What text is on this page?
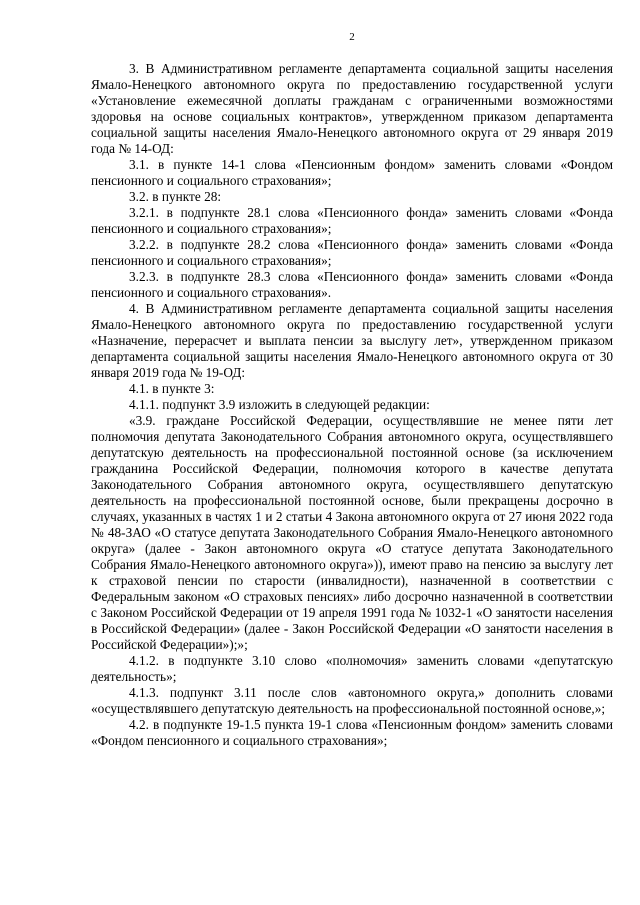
2

3. В Административном регламенте департамента социальной защиты населения Ямало-Ненецкого автономного округа по предоставлению государственной услуги «Установление ежемесячной доплаты гражданам с ограниченными возможностями здоровья на основе социальных контрактов», утвержденном приказом департамента социальной защиты населения Ямало-Ненецкого автономного округа от 29 января 2019 года № 14-ОД:

3.1. в пункте 14-1 слова «Пенсионным фондом» заменить словами «Фондом пенсионного и социального страхования»;

3.2. в пункте 28:

3.2.1. в подпункте 28.1 слова «Пенсионного фонда» заменить словами «Фонда пенсионного и социального страхования»;

3.2.2. в подпункте 28.2 слова «Пенсионного фонда» заменить словами «Фонда пенсионного и социального страхования»;

3.2.3. в подпункте 28.3 слова «Пенсионного фонда» заменить словами «Фонда пенсионного и социального страхования».

4. В Административном регламенте департамента социальной защиты населения Ямало-Ненецкого автономного округа по предоставлению государственной услуги «Назначение, перерасчет и выплата пенсии за выслугу лет», утвержденном приказом департамента социальной защиты населения Ямало-Ненецкого автономного округа от 30 января 2019 года № 19-ОД:

4.1. в пункте 3:

4.1.1. подпункт 3.9 изложить в следующей редакции:

«3.9. граждане Российской Федерации, осуществлявшие не менее пяти лет полномочия депутата Законодательного Собрания автономного округа, осуществлявшего депутатскую деятельность на профессиональной постоянной основе (за исключением гражданина Российской Федерации, полномочия которого в качестве депутата Законодательного Собрания автономного округа, осуществлявшего депутатскую деятельность на профессиональной постоянной основе, были прекращены досрочно в случаях, указанных в частях 1 и 2 статьи 4 Закона автономного округа от 27 июня 2022 года № 48-ЗАО «О статусе депутата Законодательного Собрания Ямало-Ненецкого автономного округа» (далее - Закон автономного округа «О статусе депутата Законодательного Собрания Ямало-Ненецкого автономного округа»)), имеют право на пенсию за выслугу лет к страховой пенсии по старости (инвалидности), назначенной в соответствии с Федеральным законом «О страховых пенсиях» либо досрочно назначенной в соответствии с Законом Российской Федерации от 19 апреля 1991 года № 1032-1 «О занятости населения в Российской Федерации» (далее - Закон Российской Федерации «О занятости населения в Российской Федерации»);»;

4.1.2. в подпункте 3.10 слово «полномочия» заменить словами «депутатскую деятельность»;

4.1.3. подпункт 3.11 после слов «автономного округа,» дополнить словами «осуществлявшего депутатскую деятельность на профессиональной постоянной основе,»;

4.2. в подпункте 19-1.5 пункта 19-1 слова «Пенсионным фондом» заменить словами «Фондом пенсионного и социального страхования»;
